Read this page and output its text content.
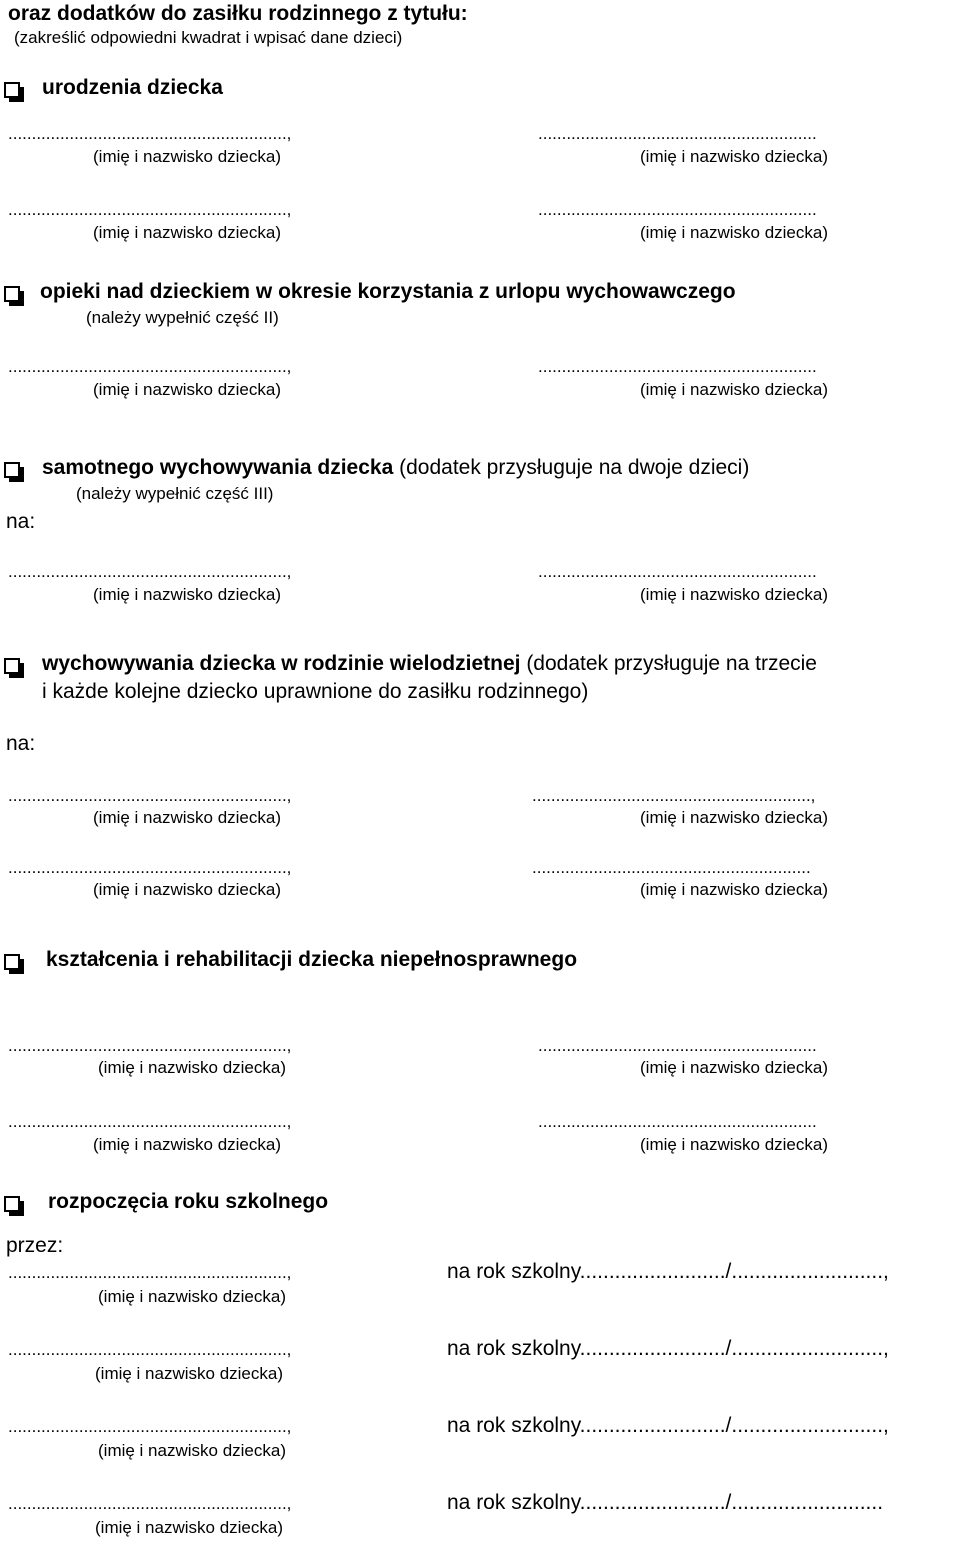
oraz dodatków do zasiłku rodzinnego z tytułu:
(zakreślić odpowiedni kwadrat i wpisać dane dzieci)
urodzenia dziecka
...........................................................,	...........................................................
(imię i nazwisko dziecka)	(imię i nazwisko dziecka)
...........................................................,	...........................................................
(imię i nazwisko dziecka)	(imię i nazwisko dziecka)
opieki nad dzieckiem w okresie korzystania z urlopu wychowawczego
(należy wypełnić część II)
...........................................................,	...........................................................
(imię i nazwisko dziecka)	(imię i nazwisko dziecka)
samotnego wychowywania dziecka (dodatek przysługuje na dwoje dzieci)
(należy wypełnić część III)
na:
...........................................................,	...........................................................
(imię i nazwisko dziecka)	(imię i nazwisko dziecka)
wychowywania dziecka w rodzinie wielodzietnej (dodatek przysługuje na trzecie
i każde kolejne dziecko uprawnione do zasiłku rodzinnego)
na:
...........................................................,	...........................................................,
(imię i nazwisko dziecka)	(imię i nazwisko dziecka)
...........................................................,	...........................................................
(imię i nazwisko dziecka)	(imię i nazwisko dziecka)
kształcenia i rehabilitacji dziecka niepełnosprawnego
...........................................................,	...........................................................
(imię i nazwisko dziecka)	(imię i nazwisko dziecka)
...........................................................,	...........................................................
(imię i nazwisko dziecka)	(imię i nazwisko dziecka)
rozpoczęcia roku szkolnego
przez:
...........................................................,	na rok szkolny........................./..........................,
(imię i nazwisko dziecka)
...........................................................,	na rok szkolny........................./..........................,
(imię i nazwisko dziecka)
...........................................................,	na rok szkolny........................./..........................,
(imię i nazwisko dziecka)
...........................................................,	na rok szkolny........................./..........................
(imię i nazwisko dziecka)
